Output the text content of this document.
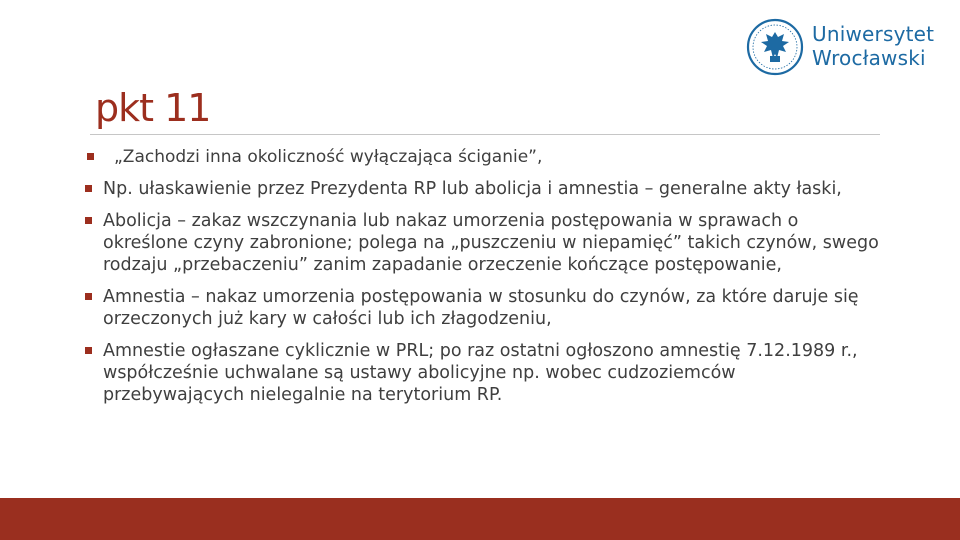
Uniwersytet
Wrocławski
pkt 11
„Zachodzi inna okoliczność wyłączająca ściganie”,
Np. ułaskawienie przez Prezydenta RP lub abolicja i amnestia – generalne akty łaski,
Abolicja – zakaz wszczynania lub nakaz umorzenia postępowania w sprawach o określone czyny zabronione; polega na „puszczeniu w niepamięć” takich czynów, swego rodzaju „przebaczeniu” zanim zapadanie orzeczenie kończące postępowanie,
Amnestia – nakaz umorzenia postępowania w stosunku do czynów, za które daruje się orzeczonych już kary w całości lub ich złagodzeniu,
Amnestie ogłaszane cyklicznie w PRL; po raz ostatni ogłoszono amnestię 7.12.1989 r., współcześnie uchwalane są ustawy abolicyjne np. wobec cudzoziemców przebywających nielegalnie na terytorium RP.
